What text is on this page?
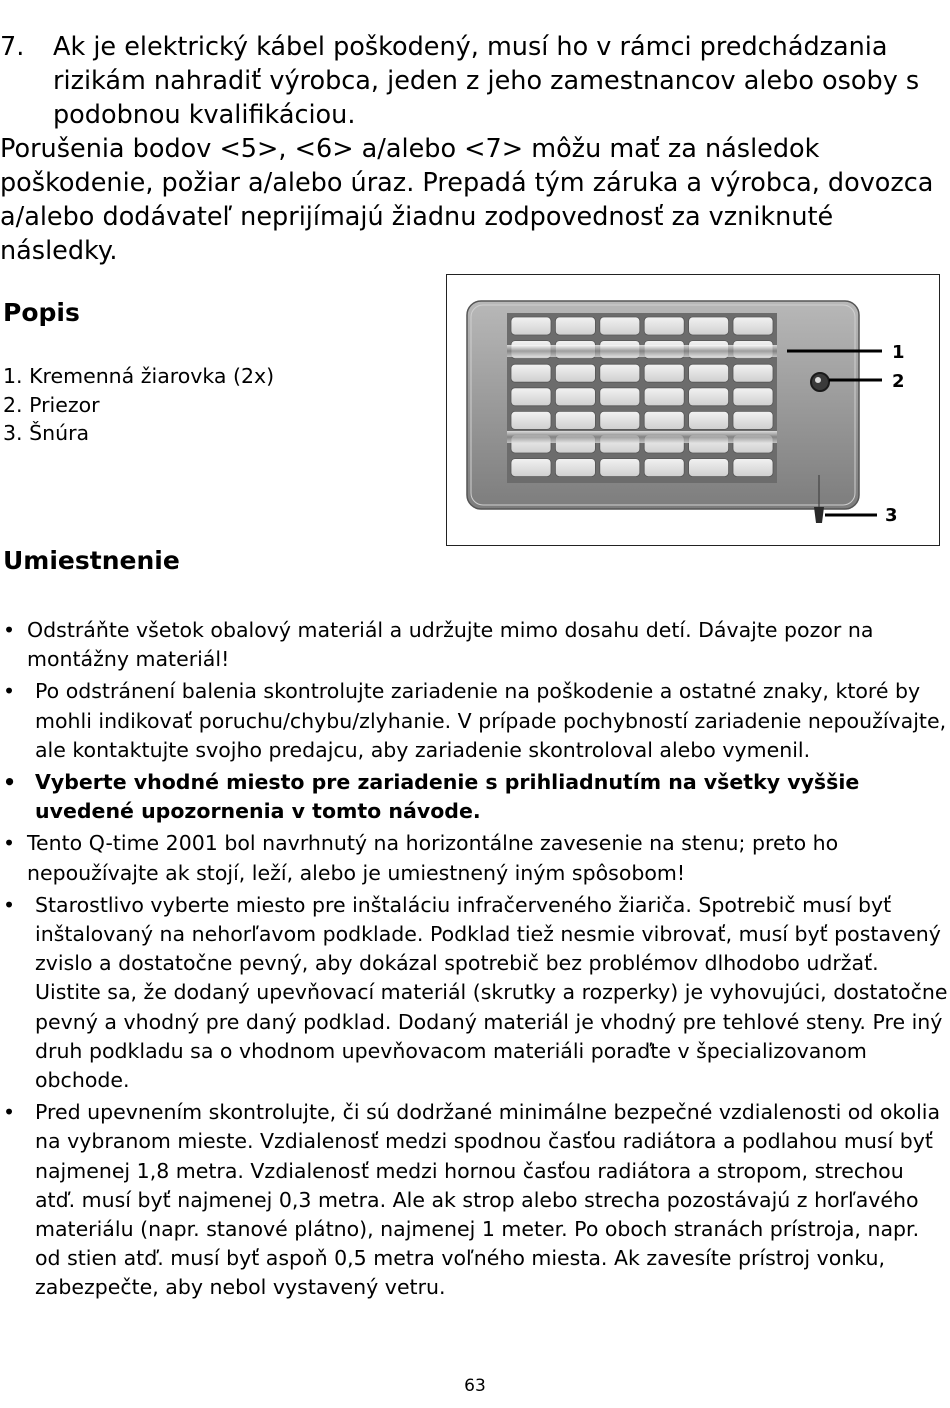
7. Ak je elektrický kábel poškodený, musí ho v rámci predchádzania rizikám nahradiť výrobca, jeden z jeho zamestnancov alebo osoby s podobnou kvalifikáciou.
Porušenia bodov <5>, <6> a/alebo <7> môžu mať za následok poškodenie, požiar a/alebo úraz. Prepadá tým záruka a výrobca, dovozca a/alebo dodávateľ neprijímajú žiadnu zodpovednosť za vzniknuté následky.
Popis
1. Kremenná žiarovka (2x)
2. Priezor
3. Šnúra
1
2
3
Umiestnenie
• Odstráňte všetok obalový materiál a udržujte mimo dosahu detí. Dávajte pozor na montážny materiál!
• Po odstránení balenia skontrolujte zariadenie na poškodenie a ostatné znaky, ktoré by mohli indikovať poruchu/chybu/zlyhanie. V prípade pochybností zariadenie nepoužívajte, ale kontaktujte svojho predajcu, aby zariadenie skontroloval alebo vymenil.
• Vyberte vhodné miesto pre zariadenie s prihliadnutím na všetky vyššie uvedené upozornenia v tomto návode.
• Tento Q-time 2001 bol navrhnutý na horizontálne zavesenie na stenu; preto ho nepoužívajte ak stojí, leží, alebo je umiestnený iným spôsobom!
• Starostlivo vyberte miesto pre inštaláciu infračerveného žiariča. Spotrebič musí byť inštalovaný na nehorľavom podklade. Podklad tiež nesmie vibrovať, musí byť postavený zvislo a dostatočne pevný, aby dokázal spotrebič bez problémov dlhodobo udržať. Uistite sa, že dodaný upevňovací materiál (skrutky a rozperky) je vyhovujúci, dostatočne pevný a vhodný pre daný podklad. Dodaný materiál je vhodný pre tehlové steny. Pre iný druh podkladu sa o vhodnom upevňovacom materiáli poraďte v špecializovanom obchode.
• Pred upevnením skontrolujte, či sú dodržané minimálne bezpečné vzdialenosti od okolia na vybranom mieste. Vzdialenosť medzi spodnou časťou radiátora a podlahou musí byť najmenej 1,8 metra. Vzdialenosť medzi hornou časťou radiátora a stropom, strechou atď. musí byť najmenej 0,3 metra. Ale ak strop alebo strecha pozostávajú z horľavého materiálu (napr. stanové plátno), najmenej 1 meter. Po oboch stranách prístroja, napr. od stien atď. musí byť aspoň 0,5 metra voľného miesta. Ak zavesíte prístroj vonku, zabezpečte, aby nebol vystavený vetru.
63
